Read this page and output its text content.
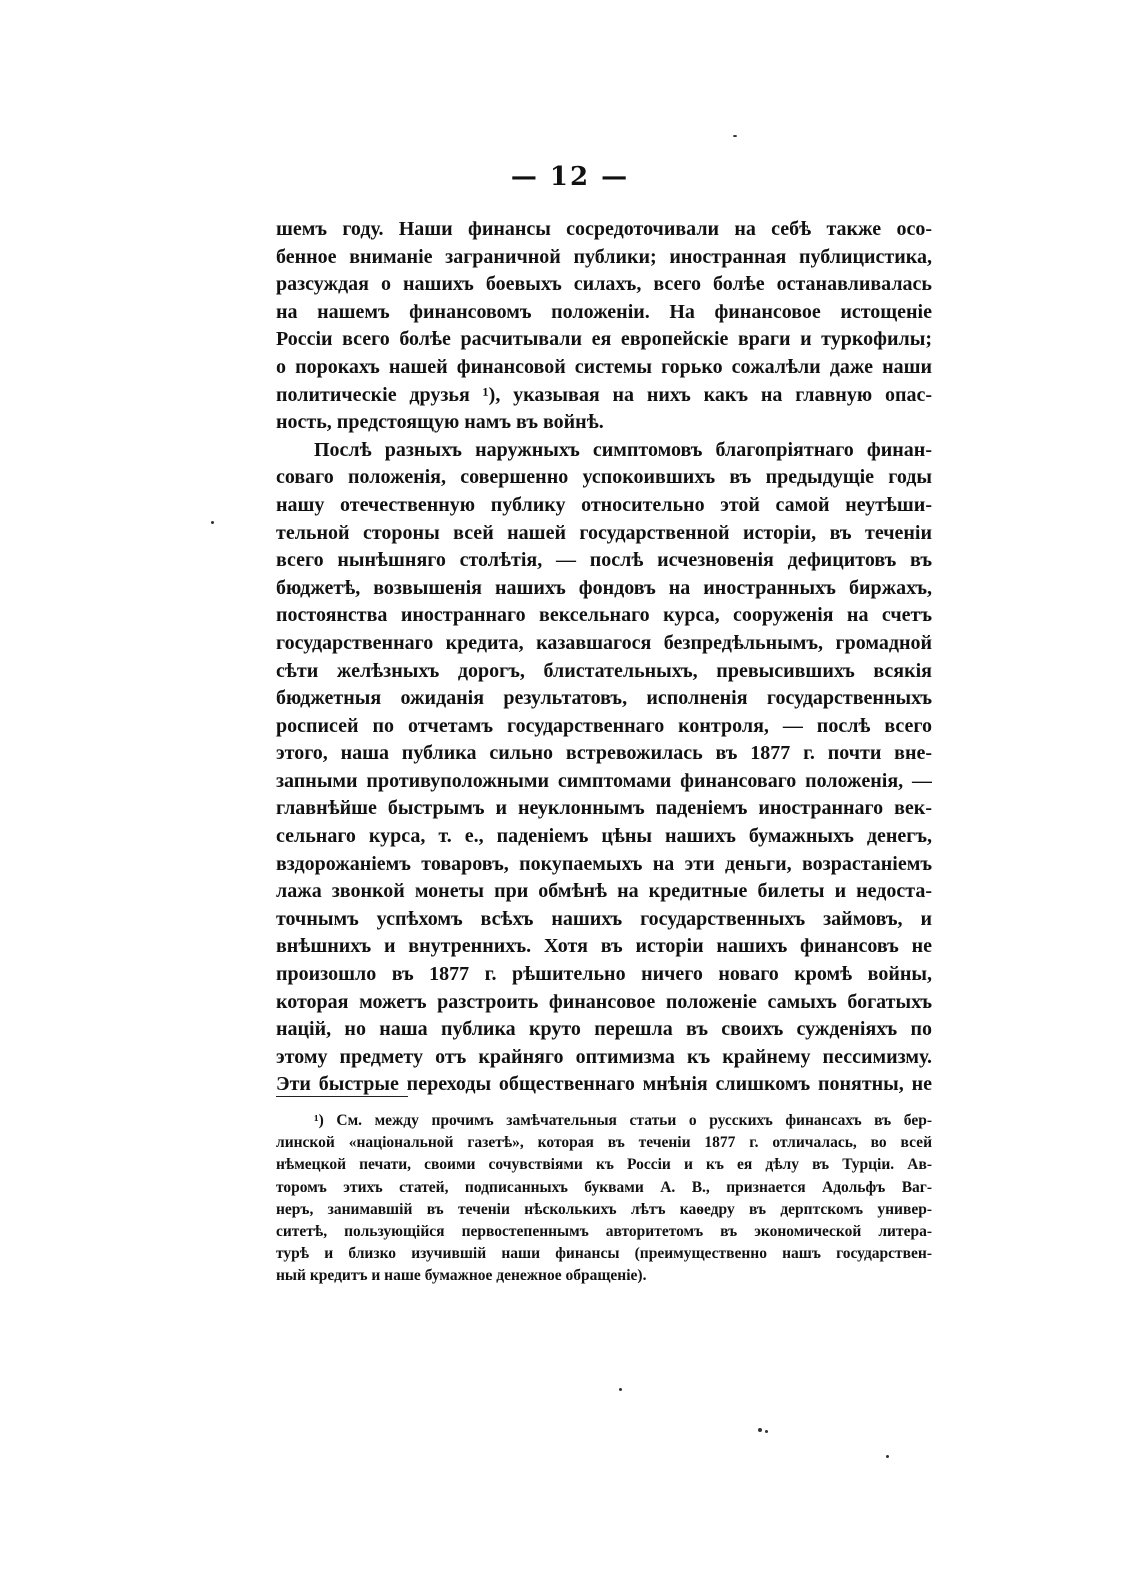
— 12 —
шемъ году. Наши финансы сосредоточивали на себѣ также осо-
бенное вниманіе заграничной публики; иностранная публицистика,
разсуждая о нашихъ боевыхъ силахъ, всего болѣе останавливалась
на нашемъ финансовомъ положеніи. На финансовое истощеніе
Россіи всего болѣе расчитывали ея европейскіе враги и туркофилы;
о порокахъ нашей финансовой системы горько сожалѣли даже наши
политическіе друзья ¹), указывая на нихъ какъ на главную опас-
ность, предстоящую намъ въ войнѣ.
Послѣ разныхъ наружныхъ симптомовъ благопріятнаго финан-
соваго положенія, совершенно успокоившихъ въ предыдущіе годы
нашу отечественную публику относительно этой самой неутѣши-
тельной стороны всей нашей государственной исторіи, въ теченіи
всего нынѣшняго столѣтія, — послѣ исчезновенія дефицитовъ въ
бюджетѣ, возвышенія нашихъ фондовъ на иностранныхъ биржахъ,
постоянства иностраннаго вексельнаго курса, сооруженія на счетъ
государственнаго кредита, казавшагося безпредѣльнымъ, громадной
сѣти желѣзныхъ дорогъ, блистательныхъ, превысившихъ всякія
бюджетныя ожиданія результатовъ, исполненія государственныхъ
росписей по отчетамъ государственнаго контроля, — послѣ всего
этого, наша публика сильно встревожилась въ 1877 г. почти вне-
запными противуположными симптомами финансоваго положенія, —
главнѣйше быстрымъ и неуклоннымъ паденіемъ иностраннаго век-
сельнаго курса, т. е., паденіемъ цѣны нашихъ бумажныхъ денегъ,
вздорожаніемъ товаровъ, покупаемыхъ на эти деньги, возрастаніемъ
лажа звонкой монеты при обмѣнѣ на кредитные билеты и недоста-
точнымъ успѣхомъ всѣхъ нашихъ государственныхъ займовъ, и
внѣшнихъ и внутреннихъ. Хотя въ исторіи нашихъ финансовъ не
произошло въ 1877 г. рѣшительно ничего новаго кромѣ войны,
которая можетъ разстроить финансовое положеніе самыхъ богатыхъ
націй, но наша публика круто перешла въ своихъ сужденіяхъ по
этому предмету отъ крайняго оптимизма къ крайнему пессимизму.
Эти быстрые переходы общественнаго мнѣнія слишкомъ понятны, не
¹) См. между прочимъ замѣчательныя статьи о русскихъ финансахъ въ бер-
линской «національной газетѣ», которая въ теченіи 1877 г. отличалась, во всей
нѣмецкой печати, своими сочувствіями къ Россіи и къ ея дѣлу въ Турціи. Ав-
торомъ этихъ статей, подписанныхъ буквами А. В., признается Адольфъ Ваг-
неръ, занимавшій въ теченіи нѣсколькихъ лѣтъ каѳедру въ дерптскомъ универ-
ситетѣ, пользующійся первостепеннымъ авторитетомъ въ экономической литера-
турѣ и близко изучившій наши финансы (преимущественно нашъ государствен-
ный кредитъ и наше бумажное денежное обращеніе).
